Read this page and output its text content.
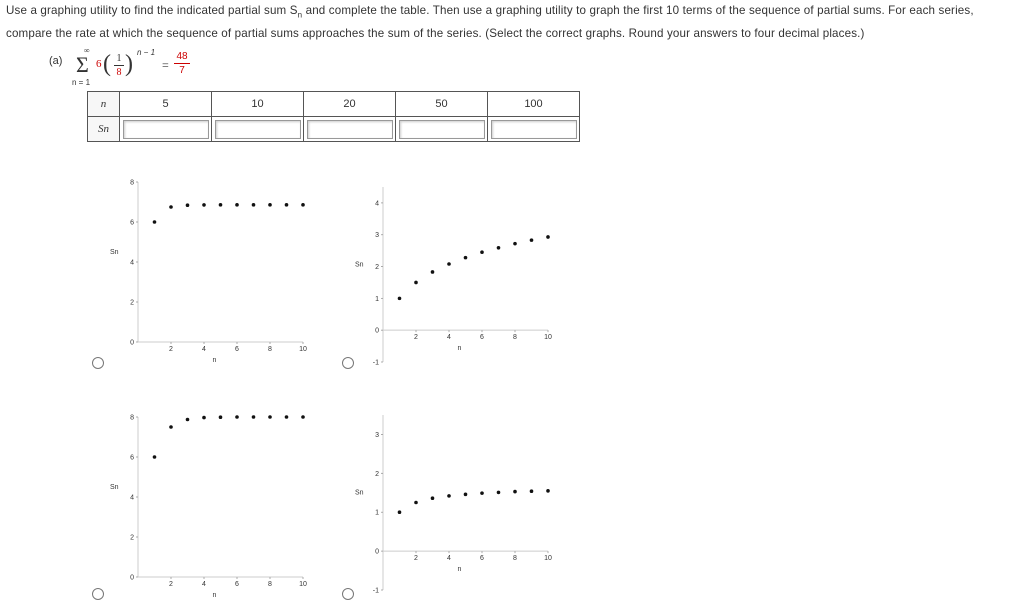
Use a graphing utility to find the indicated partial sum $S_n$ and complete the table. Then use a graphing utility to graph the first 10 terms of the sequence of partial sums. For each series, compare the rate at which the sequence of partial sums approaches the sum of the series. (Select the correct graphs. Round your answers to four decimal places.)
(a)
∞
Σ
n = 1
6 ( 1
8 ) n − 1
=
48
7
n	5	10	20	50	100
Sn					
8
6
4
2
0
2	4	6	8	10
Sn
n
4
3
2
1
0
-1
2	4	6	8	10
Sn
n
8
6
4
2
0
2	4	6	8	10
Sn
n
3
2
1
0
-1
2	4	6	8	10
Sn
n
